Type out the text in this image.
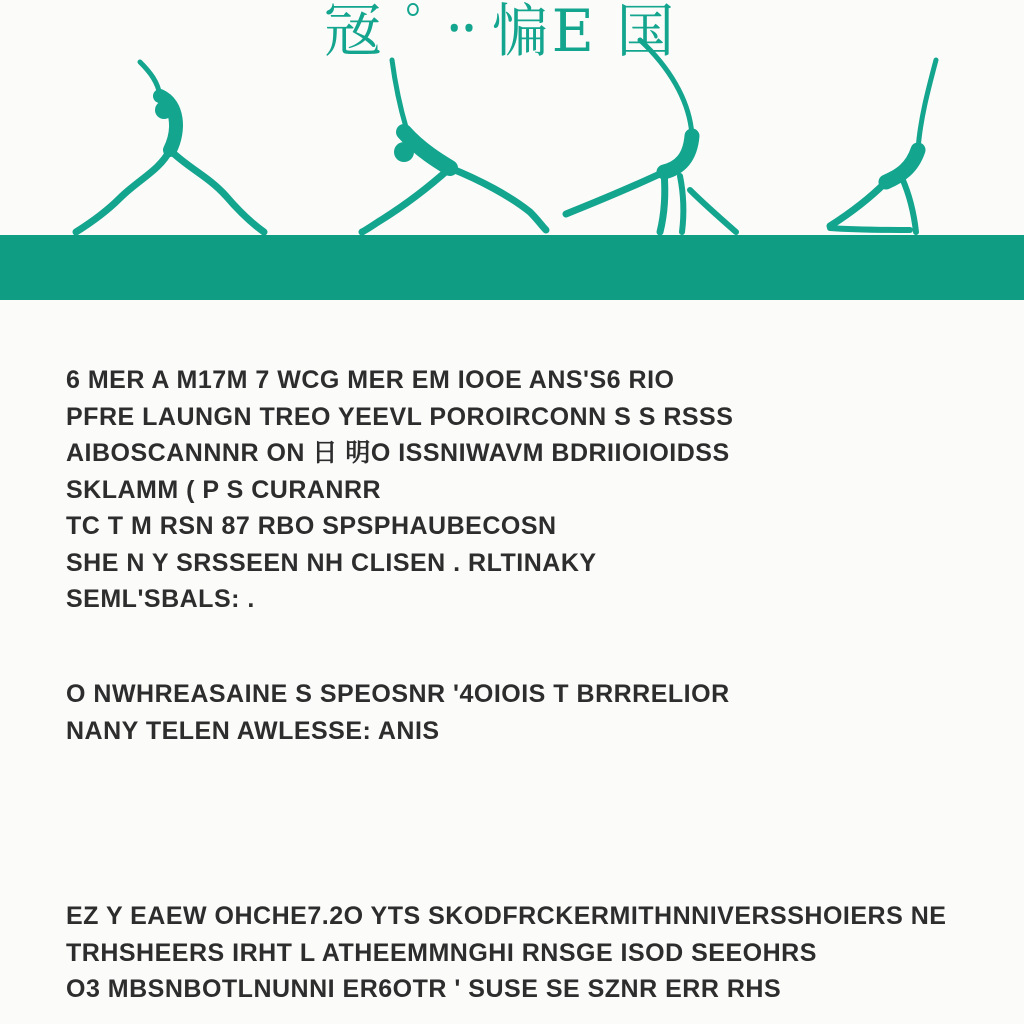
㓂 ﾟ᠃ 惼E 国
6 MER A M17M 7 WCG MER EM IOOE ANS'S6 RIO
PFRE LAUNGN TREO YEEVL POROIRCONN S S RSSS
AIBOSCANNNR ON 日 明O ISSNIWAVM BDRIIOIOIDSS
SKLAMM ( P S CURANRR
TC T M RSN 87 RBO SPSPHAUBECOSN
SHE N Y SRSSEEN NH CLISEN . RLTINAKY
SEML'SBALS: .
O NWHREASAINE S SPEOSNR '4OIOIS T BRRRELIOR
NANY TELEN AWLESSE: ANIS
EZ Y EAEW OHCHE7.2O YTS SKODFRCKERMITHNNIVERSSHOIERS NE
TRHSHEERS IRHT L ATHEEMMNGHI RNSGE ISOD SEEOHRS
O3 MBSNBOTLNUNNI ER6OTR ' SUSE SE SZNR ERR RHS
